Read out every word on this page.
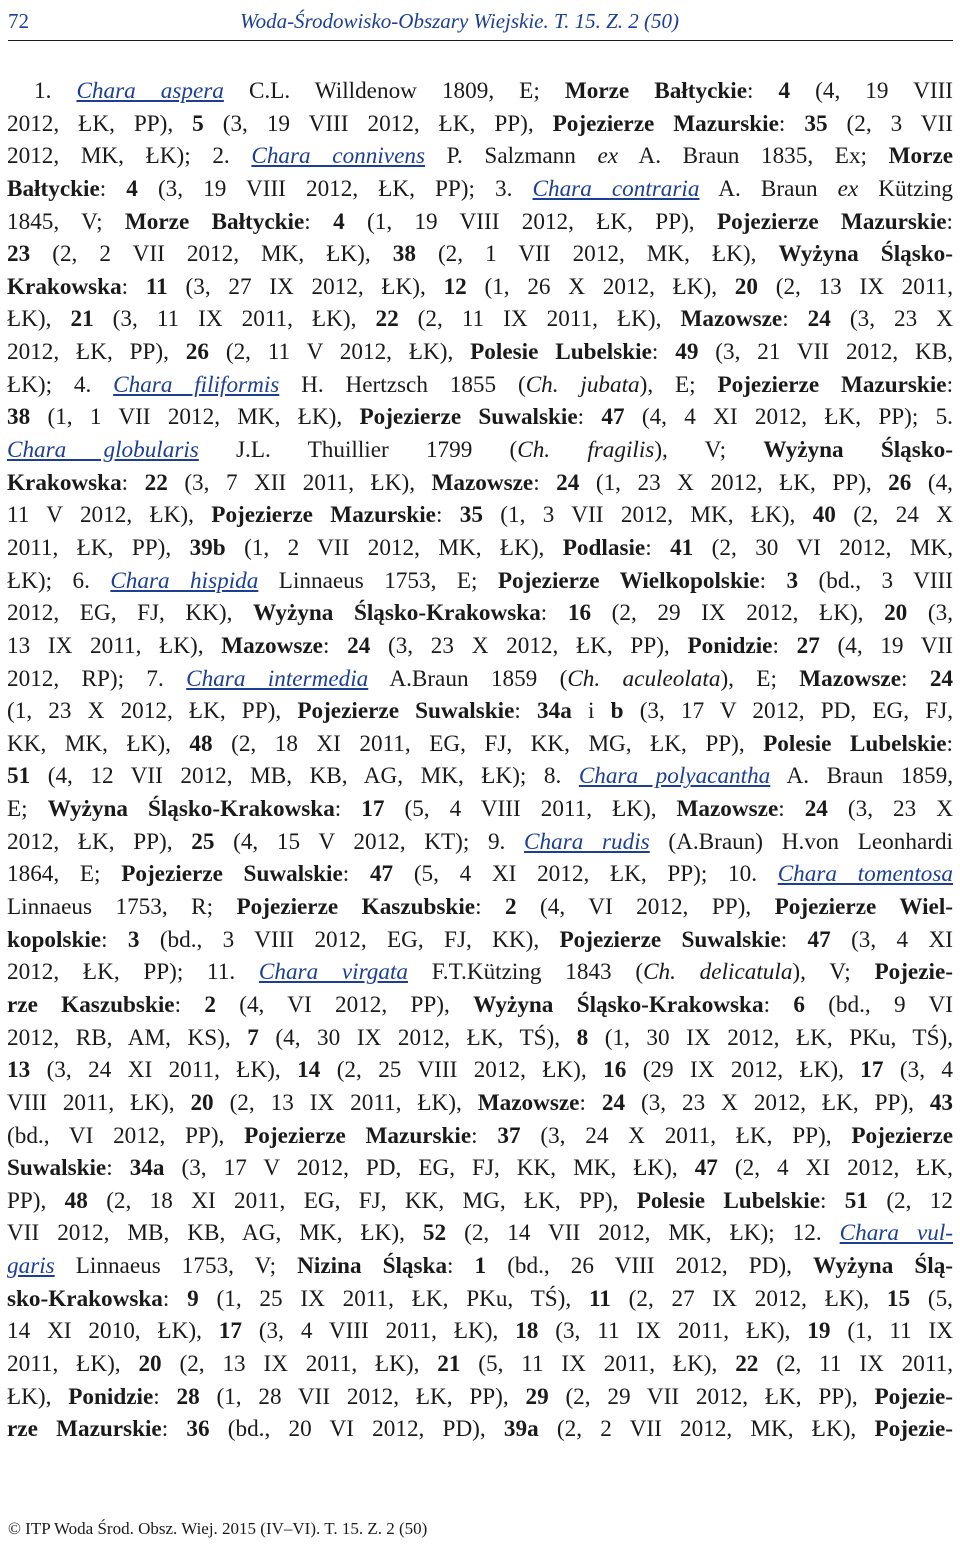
72	Woda-Środowisko-Obszary Wiejskie. T. 15. Z. 2 (50)
1. Chara aspera C.L. Willdenow 1809, E; Morze Bałtyckie: 4 (4, 19 VIII
2012, ŁK, PP), 5 (3, 19 VIII 2012, ŁK, PP), Pojezierze Mazurskie: 35 (2, 3 VII
2012, MK, ŁK); 2. Chara connivens P. Salzmann ex A. Braun 1835, Ex; Morze
Bałtyckie: 4 (3, 19 VIII 2012, ŁK, PP); 3. Chara contraria A. Braun ex Kützing
1845, V; Morze Bałtyckie: 4 (1, 19 VIII 2012, ŁK, PP), Pojezierze Mazurskie:
23 (2, 2 VII 2012, MK, ŁK), 38 (2, 1 VII 2012, MK, ŁK), Wyżyna Śląsko-
Krakowska: 11 (3, 27 IX 2012, ŁK), 12 (1, 26 X 2012, ŁK), 20 (2, 13 IX 2011,
ŁK), 21 (3, 11 IX 2011, ŁK), 22 (2, 11 IX 2011, ŁK), Mazowsze: 24 (3, 23 X
2012, ŁK, PP), 26 (2, 11 V 2012, ŁK), Polesie Lubelskie: 49 (3, 21 VII 2012, KB,
ŁK); 4. Chara filiformis H. Hertzsch 1855 (Ch. jubata), E; Pojezierze Mazurskie:
38 (1, 1 VII 2012, MK, ŁK), Pojezierze Suwalskie: 47 (4, 4 XI 2012, ŁK, PP); 5.
Chara globularis J.L. Thuillier 1799 (Ch. fragilis), V; Wyżyna Śląsko-
Krakowska: 22 (3, 7 XII 2011, ŁK), Mazowsze: 24 (1, 23 X 2012, ŁK, PP), 26 (4,
11 V 2012, ŁK), Pojezierze Mazurskie: 35 (1, 3 VII 2012, MK, ŁK), 40 (2, 24 X
2011, ŁK, PP), 39b (1, 2 VII 2012, MK, ŁK), Podlasie: 41 (2, 30 VI 2012, MK,
ŁK); 6. Chara hispida Linnaeus 1753, E; Pojezierze Wielkopolskie: 3 (bd., 3 VIII
2012, EG, FJ, KK), Wyżyna Śląsko-Krakowska: 16 (2, 29 IX 2012, ŁK), 20 (3,
13 IX 2011, ŁK), Mazowsze: 24 (3, 23 X 2012, ŁK, PP), Ponidzie: 27 (4, 19 VII
2012, RP); 7. Chara intermedia A.Braun 1859 (Ch. aculeolata), E; Mazowsze: 24
(1, 23 X 2012, ŁK, PP), Pojezierze Suwalskie: 34a i b (3, 17 V 2012, PD, EG, FJ,
KK, MK, ŁK), 48 (2, 18 XI 2011, EG, FJ, KK, MG, ŁK, PP), Polesie Lubelskie:
51 (4, 12 VII 2012, MB, KB, AG, MK, ŁK); 8. Chara polyacantha A. Braun 1859,
E; Wyżyna Śląsko-Krakowska: 17 (5, 4 VIII 2011, ŁK), Mazowsze: 24 (3, 23 X
2012, ŁK, PP), 25 (4, 15 V 2012, KT); 9. Chara rudis (A.Braun) H.von Leonhardi
1864, E; Pojezierze Suwalskie: 47 (5, 4 XI 2012, ŁK, PP); 10. Chara tomentosa
Linnaeus 1753, R; Pojezierze Kaszubskie: 2 (4, VI 2012, PP), Pojezierze Wiel-
kopolskie: 3 (bd., 3 VIII 2012, EG, FJ, KK), Pojezierze Suwalskie: 47 (3, 4 XI
2012, ŁK, PP); 11. Chara virgata F.T.Kützing 1843 (Ch. delicatula), V; Pojezie-
rze Kaszubskie: 2 (4, VI 2012, PP), Wyżyna Śląsko-Krakowska: 6 (bd., 9 VI
2012, RB, AM, KS), 7 (4, 30 IX 2012, ŁK, TŚ), 8 (1, 30 IX 2012, ŁK, PKu, TŚ),
13 (3, 24 XI 2011, ŁK), 14 (2, 25 VIII 2012, ŁK), 16 (29 IX 2012, ŁK), 17 (3, 4
VIII 2011, ŁK), 20 (2, 13 IX 2011, ŁK), Mazowsze: 24 (3, 23 X 2012, ŁK, PP), 43
(bd., VI 2012, PP), Pojezierze Mazurskie: 37 (3, 24 X 2011, ŁK, PP), Pojezierze
Suwalskie: 34a (3, 17 V 2012, PD, EG, FJ, KK, MK, ŁK), 47 (2, 4 XI 2012, ŁK,
PP), 48 (2, 18 XI 2011, EG, FJ, KK, MG, ŁK, PP), Polesie Lubelskie: 51 (2, 12
VII 2012, MB, KB, AG, MK, ŁK), 52 (2, 14 VII 2012, MK, ŁK); 12. Chara vul-
garis Linnaeus 1753, V; Nizina Śląska: 1 (bd., 26 VIII 2012, PD), Wyżyna Ślą-
sko-Krakowska: 9 (1, 25 IX 2011, ŁK, PKu, TŚ), 11 (2, 27 IX 2012, ŁK), 15 (5,
14 XI 2010, ŁK), 17 (3, 4 VIII 2011, ŁK), 18 (3, 11 IX 2011, ŁK), 19 (1, 11 IX
2011, ŁK), 20 (2, 13 IX 2011, ŁK), 21 (5, 11 IX 2011, ŁK), 22 (2, 11 IX 2011,
ŁK), Ponidzie: 28 (1, 28 VII 2012, ŁK, PP), 29 (2, 29 VII 2012, ŁK, PP), Pojezie-
rze Mazurskie: 36 (bd., 20 VI 2012, PD), 39a (2, 2 VII 2012, MK, ŁK), Pojezie-
© ITP Woda Środ. Obsz. Wiej. 2015 (IV–VI). T. 15. Z. 2 (50)
